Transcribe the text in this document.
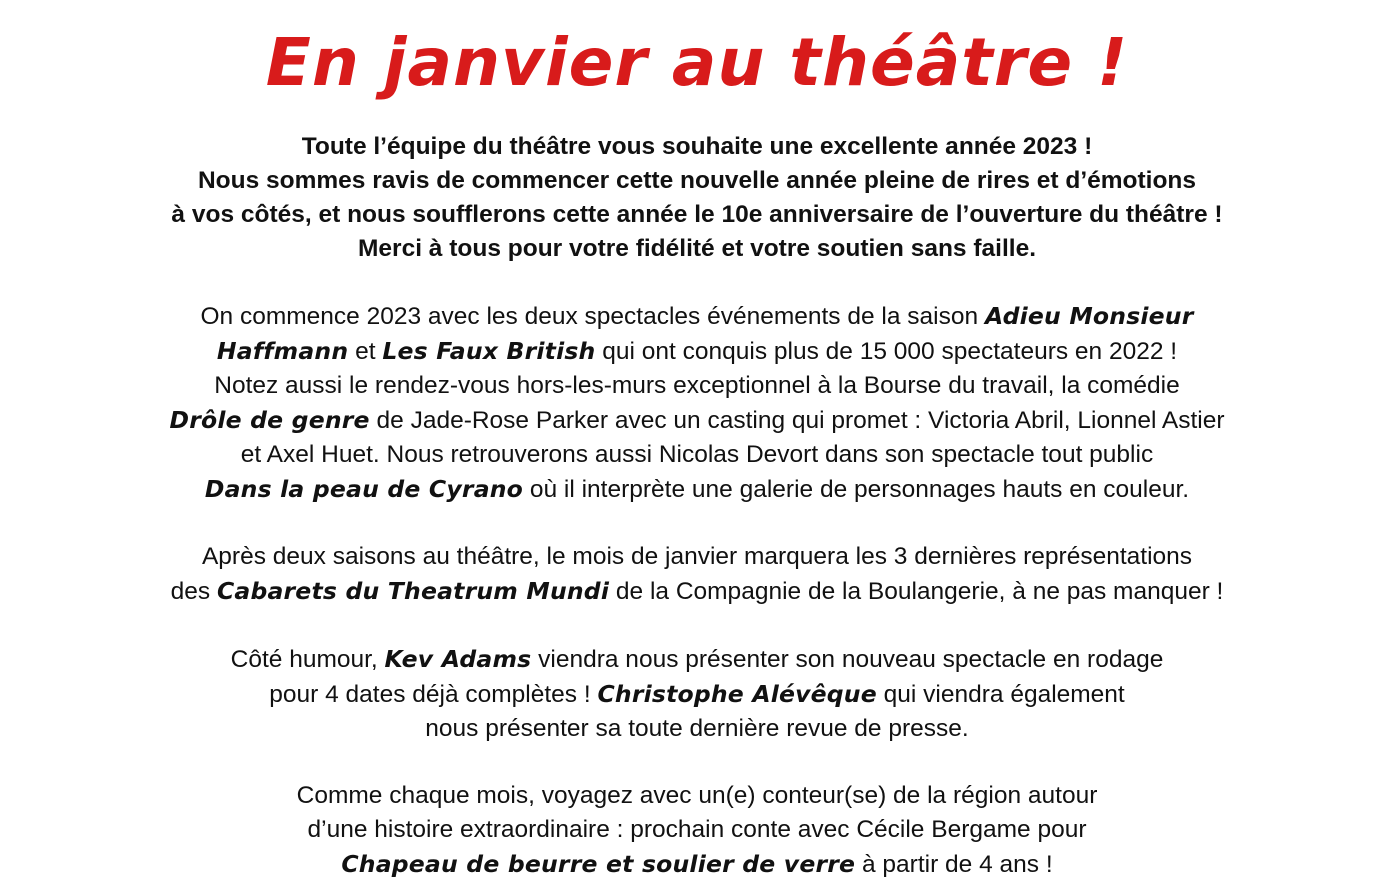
En janvier au théâtre !

Toute l’équipe du théâtre vous souhaite une excellente année 2023 !
Nous sommes ravis de commencer cette nouvelle année pleine de rires et d’émotions
à vos côtés, et nous soufflerons cette année le 10e anniversaire de l’ouverture du théâtre !
Merci à tous pour votre fidélité et votre soutien sans faille.

On commence 2023 avec les deux spectacles événements de la saison Adieu Monsieur
Haffmann et Les Faux British qui ont conquis plus de 15 000 spectateurs en 2022 !
Notez aussi le rendez-vous hors-les-murs exceptionnel à la Bourse du travail, la comédie
Drôle de genre de Jade-Rose Parker avec un casting qui promet : Victoria Abril, Lionnel Astier
et Axel Huet. Nous retrouverons aussi Nicolas Devort dans son spectacle tout public
Dans la peau de Cyrano où il interprète une galerie de personnages hauts en couleur.

Après deux saisons au théâtre, le mois de janvier marquera les 3 dernières représentations
des Cabarets du Theatrum Mundi de la Compagnie de la Boulangerie, à ne pas manquer !

Côté humour, Kev Adams viendra nous présenter son nouveau spectacle en rodage
pour 4 dates déjà complètes ! Christophe Alévêque qui viendra également
nous présenter sa toute dernière revue de presse.

Comme chaque mois, voyagez avec un(e) conteur(se) de la région autour
d’une histoire extraordinaire : prochain conte avec Cécile Bergame pour
Chapeau de beurre et soulier de verre à partir de 4 ans !
